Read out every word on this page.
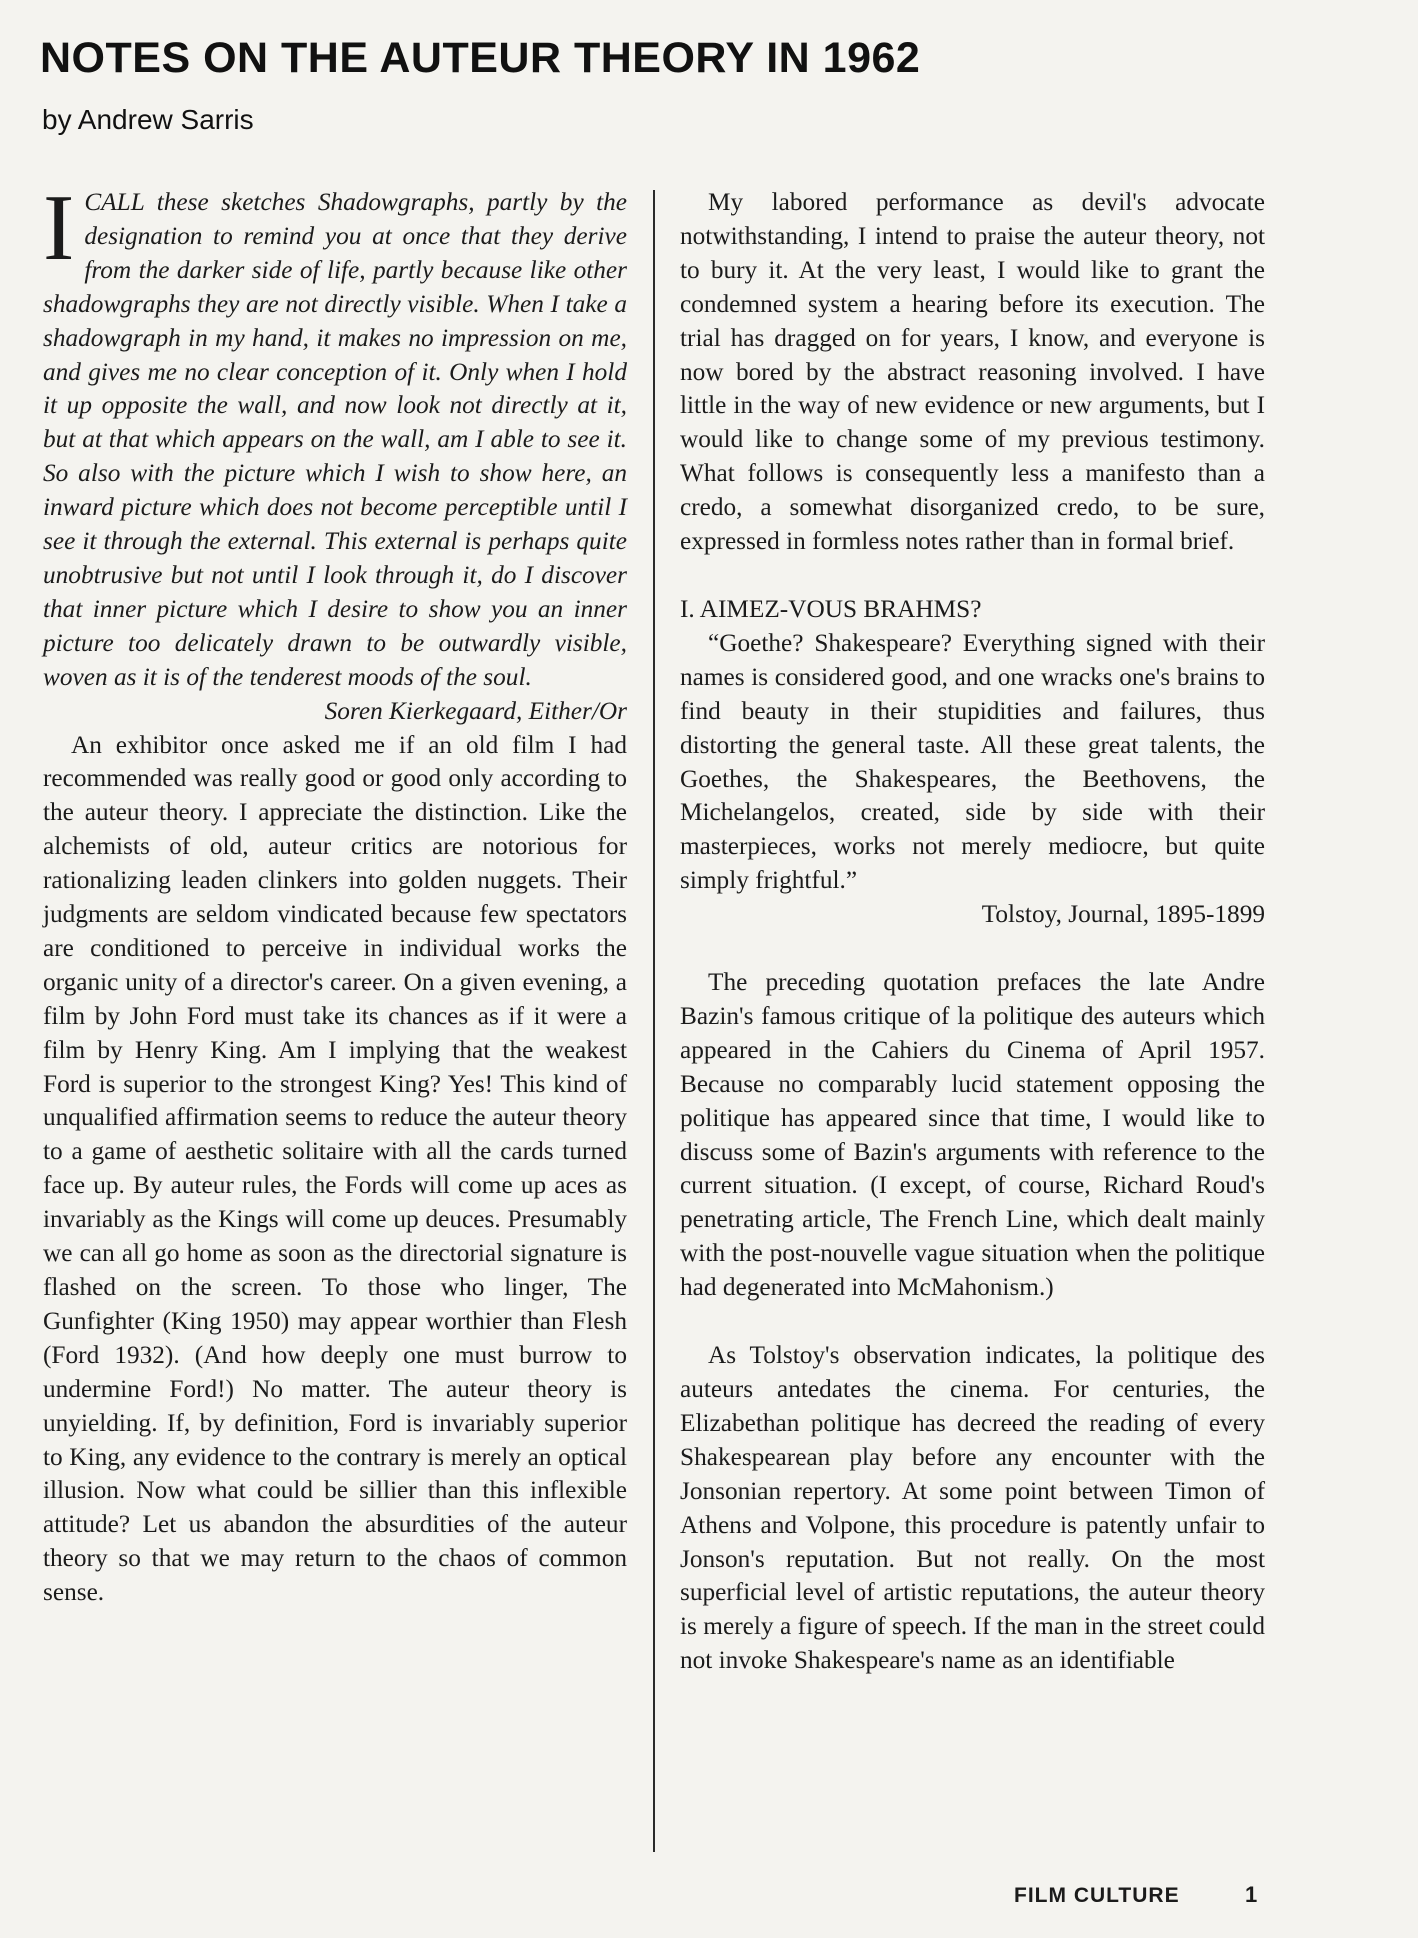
NOTES ON THE AUTEUR THEORY IN 1962
by Andrew Sarris

ICALL these sketches Shadowgraphs, partly by the designation to remind you at once that they derive from the darker side of life, partly because like other shadowgraphs they are not directly visible. When I take a shadowgraph in my hand, it makes no impression on me, and gives me no clear conception of it. Only when I hold it up opposite the wall, and now look not directly at it, but at that which appears on the wall, am I able to see it. So also with the picture which I wish to show here, an inward picture which does not become perceptible until I see it through the external. This external is perhaps quite unobtrusive but not until I look through it, do I discover that inner picture which I desire to show you an inner picture too delicately drawn to be outwardly visible, woven as it is of the tenderest moods of the soul.

Soren Kierkegaard, Either/Or

An exhibitor once asked me if an old film I had recommended was really good or good only according to the auteur theory. I appreciate the distinction. Like the alchemists of old, auteur critics are notorious for rationalizing leaden clinkers into golden nuggets. Their judgments are seldom vindicated because few spectators are conditioned to perceive in individual works the organic unity of a director's career. On a given evening, a film by John Ford must take its chances as if it were a film by Henry King. Am I implying that the weakest Ford is superior to the strongest King? Yes! This kind of unqualified affirmation seems to reduce the auteur theory to a game of aesthetic solitaire with all the cards turned face up. By auteur rules, the Fords will come up aces as invariably as the Kings will come up deuces. Presumably we can all go home as soon as the directorial signature is flashed on the screen. To those who linger, The Gunfighter (King 1950) may appear worthier than Flesh (Ford 1932). (And how deeply one must burrow to undermine Ford!) No matter. The auteur theory is unyielding. If, by definition, Ford is invariably superior to King, any evidence to the contrary is merely an optical illusion. Now what could be sillier than this inflexible attitude? Let us abandon the absurdities of the auteur theory so that we may return to the chaos of common sense.

My labored performance as devil's advocate notwithstanding, I intend to praise the auteur theory, not to bury it. At the very least, I would like to grant the condemned system a hearing before its execution. The trial has dragged on for years, I know, and everyone is now bored by the abstract reasoning involved. I have little in the way of new evidence or new arguments, but I would like to change some of my previous testimony. What follows is consequently less a manifesto than a credo, a somewhat disorganized credo, to be sure, expressed in formless notes rather than in formal brief.

I. AIMEZ-VOUS BRAHMS?

“Goethe? Shakespeare? Everything signed with their names is considered good, and one wracks one's brains to find beauty in their stupidities and failures, thus distorting the general taste. All these great talents, the Goethes, the Shakespeares, the Beethovens, the Michelangelos, created, side by side with their masterpieces, works not merely mediocre, but quite simply frightful.”

Tolstoy, Journal, 1895-1899

The preceding quotation prefaces the late Andre Bazin's famous critique of la politique des auteurs which appeared in the Cahiers du Cinema of April 1957. Because no comparably lucid statement opposing the politique has appeared since that time, I would like to discuss some of Bazin's arguments with reference to the current situation. (I except, of course, Richard Roud's penetrating article, The French Line, which dealt mainly with the post-nouvelle vague situation when the politique had degenerated into McMahonism.)

As Tolstoy's observation indicates, la politique des auteurs antedates the cinema. For centuries, the Elizabethan politique has decreed the reading of every Shakespearean play before any encounter with the Jonsonian repertory. At some point between Timon of Athens and Volpone, this procedure is patently unfair to Jonson's reputation. But not really. On the most superficial level of artistic reputations, the auteur theory is merely a figure of speech. If the man in the street could not invoke Shakespeare's name as an identifiable

FILM CULTURE	1
